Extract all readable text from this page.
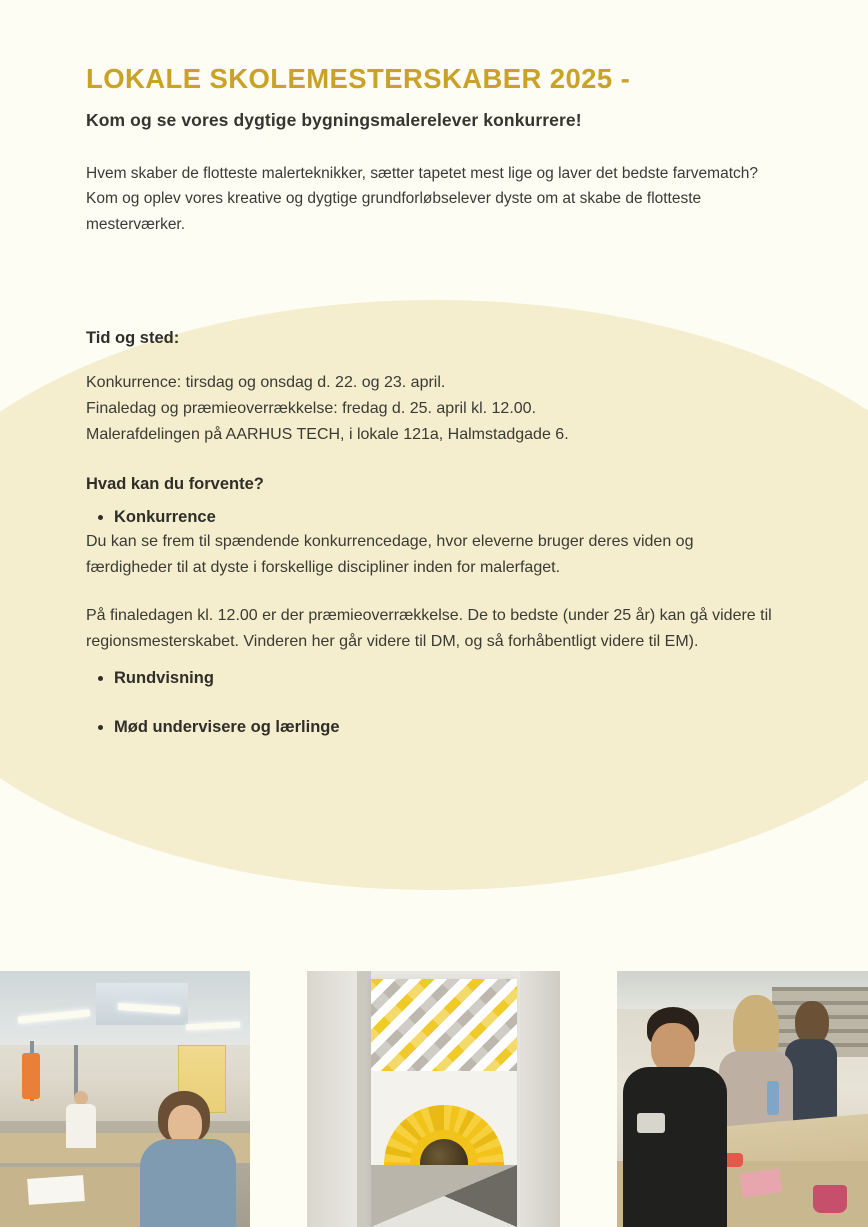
LOKALE SKOLEMESTERSKABER 2025 -

Kom og se vores dygtige bygningsmalerelever konkurrere!

Hvem skaber de flotteste malerteknikker, sætter tapetet mest lige og laver det bedste farvematch? Kom og oplev vores kreative og dygtige grundforløbselever dyste om at skabe de flotteste mesterværker.

Tid og sted:

Konkurrence: tirsdag og onsdag d. 22. og 23. april.
Finaledag og præmieoverrækkelse: fredag d. 25. april kl. 12.00.
Malerafdelingen på AARHUS TECH, i lokale 121a, Halmstadgade 6.

Hvad kan du forvente?

• Konkurrence

Du kan se frem til spændende konkurrencedage, hvor eleverne bruger deres viden og færdigheder til at dyste i forskellige discipliner inden for malerfaget.

På finaledagen kl. 12.00 er der præmieoverrækkelse. De to bedste (under 25 år) kan gå videre til regionsmesterskabet. Vinderen her går videre til DM, og så forhåbentligt videre til EM).

• Rundvisning
• Mød undervisere og lærlinge
